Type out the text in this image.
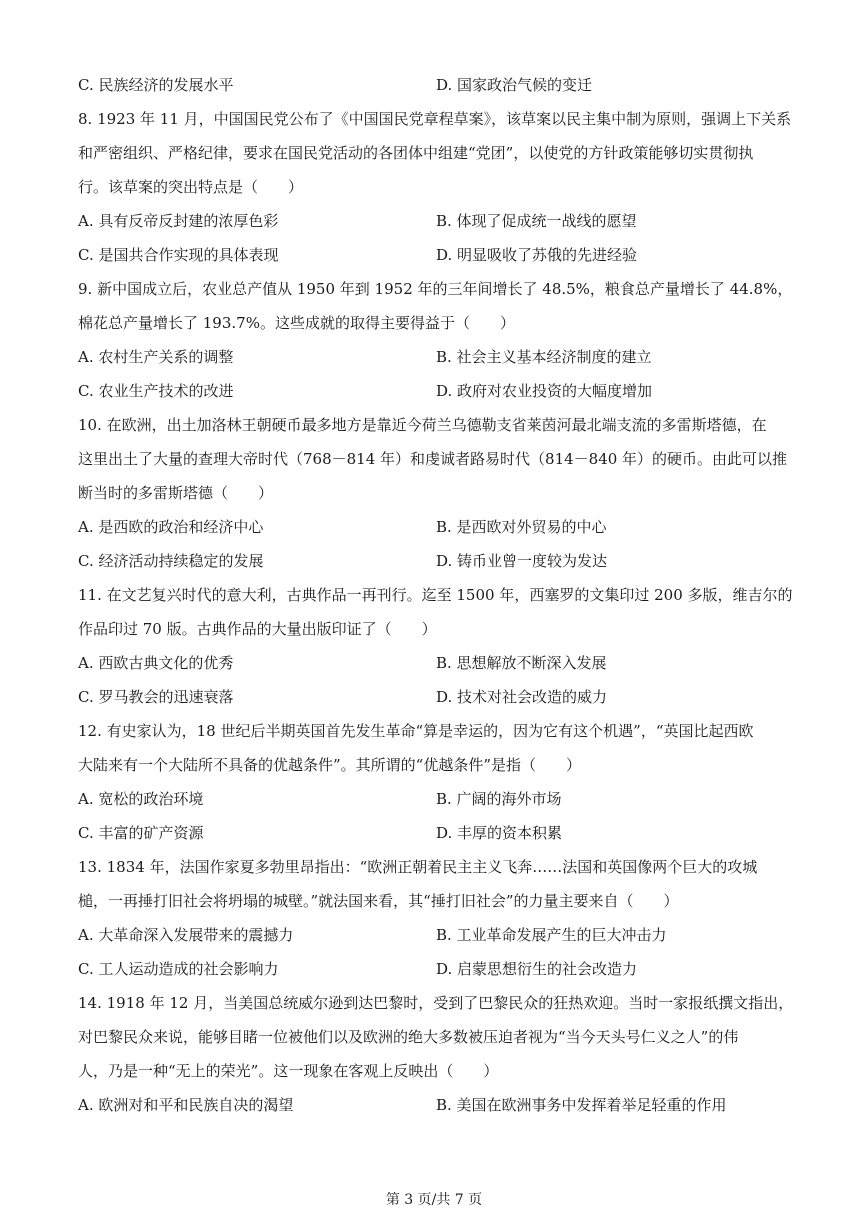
C. 民族经济的发展水平	D. 国家政治气候的变迁
8. 1923 年 11 月，中国国民党公布了《中国国民党章程草案》，该草案以民主集中制为原则，强调上下关系
和严密组织、严格纪律，要求在国民党活动的各团体中组建“党团”，以使党的方针政策能够切实贯彻执
行。该草案的突出特点是（　　）
A. 具有反帝反封建的浓厚色彩	B. 体现了促成统一战线的愿望
C. 是国共合作实现的具体表现	D. 明显吸收了苏俄的先进经验
9. 新中国成立后，农业总产值从 1950 年到 1952 年的三年间增长了 48.5%，粮食总产量增长了 44.8%，
棉花总产量增长了 193.7%。这些成就的取得主要得益于（　　）
A. 农村生产关系的调整	B. 社会主义基本经济制度的建立
C. 农业生产技术的改进	D. 政府对农业投资的大幅度增加
10. 在欧洲，出土加洛林王朝硬币最多地方是靠近今荷兰乌德勒支省莱茵河最北端支流的多雷斯塔德，在
这里出土了大量的查理大帝时代（768－814 年）和虔诚者路易时代（814－840 年）的硬币。由此可以推
断当时的多雷斯塔德（　　）
A. 是西欧的政治和经济中心	B. 是西欧对外贸易的中心
C. 经济活动持续稳定的发展	D. 铸币业曾一度较为发达
11. 在文艺复兴时代的意大利，古典作品一再刊行。迄至 1500 年，西塞罗的文集印过 200 多版，维吉尔的
作品印过 70 版。古典作品的大量出版印证了（　　）
A. 西欧古典文化的优秀	B. 思想解放不断深入发展
C. 罗马教会的迅速衰落	D. 技术对社会改造的威力
12. 有史家认为，18 世纪后半期英国首先发生革命“算是幸运的，因为它有这个机遇”，“英国比起西欧
大陆来有一个大陆所不具备的优越条件”。其所谓的“优越条件”是指（　　）
A. 宽松的政治环境	B. 广阔的海外市场
C. 丰富的矿产资源	D. 丰厚的资本积累
13. 1834 年，法国作家夏多勃里昂指出：“欧洲正朝着民主主义飞奔……法国和英国像两个巨大的攻城
槌，一再捶打旧社会将坍塌的城壁。”就法国来看，其“捶打旧社会”的力量主要来自（　　）
A. 大革命深入发展带来的震撼力	B. 工业革命发展产生的巨大冲击力
C. 工人运动造成的社会影响力	D. 启蒙思想衍生的社会改造力
14. 1918 年 12 月，当美国总统威尔逊到达巴黎时，受到了巴黎民众的狂热欢迎。当时一家报纸撰文指出，
对巴黎民众来说，能够目睹一位被他们以及欧洲的绝大多数被压迫者视为“当今天头号仁义之人”的伟
人，乃是一种“无上的荣光”。这一现象在客观上反映出（　　）
A. 欧洲对和平和民族自决的渴望	B. 美国在欧洲事务中发挥着举足轻重的作用
第 3 页/共 7 页
